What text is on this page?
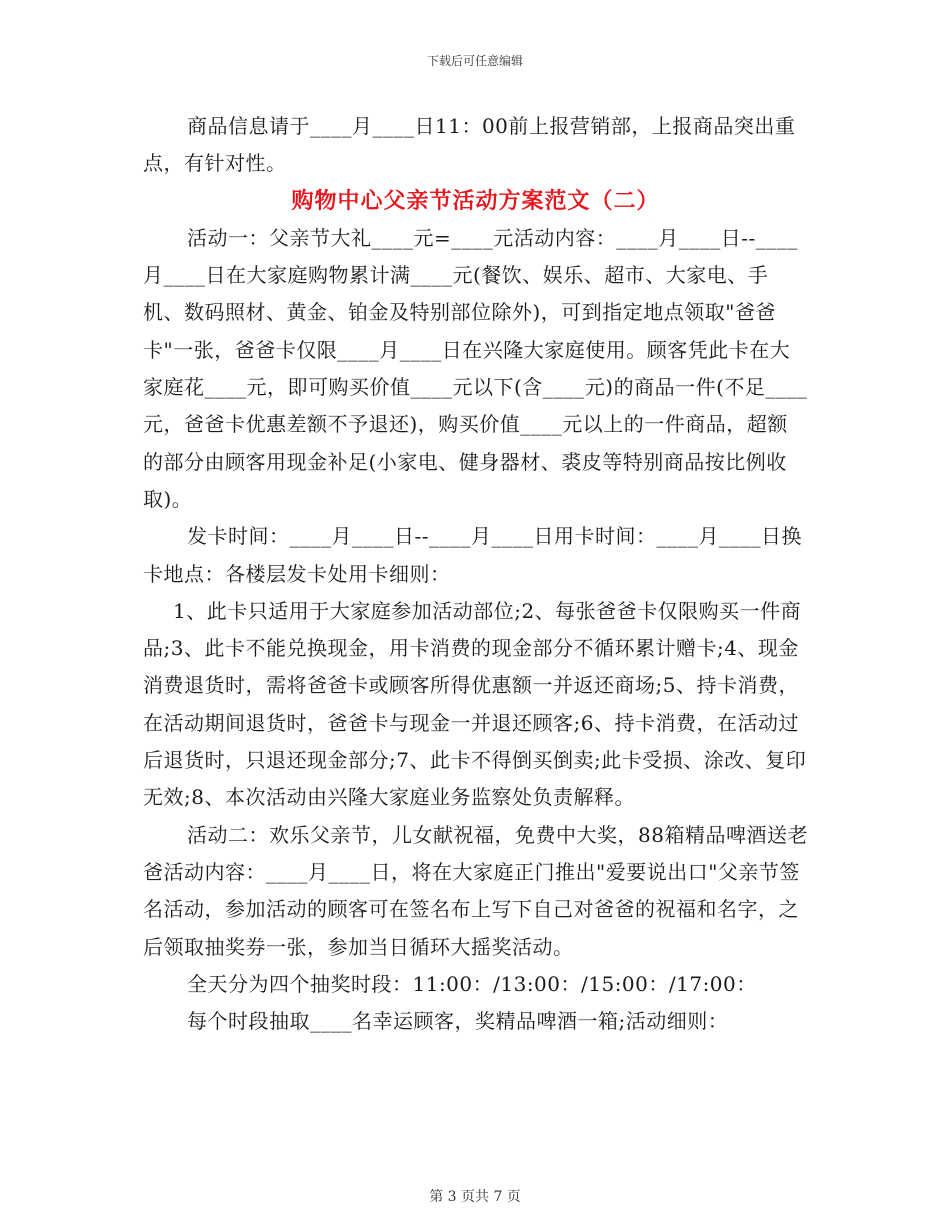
下载后可任意编辑

商品信息请于____月____日11：00前上报营销部，上报商品突出重点，有针对性。

购物中心父亲节活动方案范文（二）

活动一：父亲节大礼____元=____元活动内容：____月____日--____月____日在大家庭购物累计满____元(餐饮、娱乐、超市、大家电、手机、数码照材、黄金、铂金及特别部位除外)，可到指定地点领取"爸爸卡"一张，爸爸卡仅限____月____日在兴隆大家庭使用。顾客凭此卡在大家庭花____元，即可购买价值____元以下(含____元)的商品一件(不足____元，爸爸卡优惠差额不予退还)，购买价值____元以上的一件商品，超额的部分由顾客用现金补足(小家电、健身器材、裘皮等特别商品按比例收取)。

发卡时间：____月____日--____月____日用卡时间：____月____日换卡地点：各楼层发卡处用卡细则：

1、此卡只适用于大家庭参加活动部位;2、每张爸爸卡仅限购买一件商品;3、此卡不能兑换现金，用卡消费的现金部分不循环累计赠卡;4、现金消费退货时，需将爸爸卡或顾客所得优惠额一并返还商场;5、持卡消费，在活动期间退货时，爸爸卡与现金一并退还顾客;6、持卡消费，在活动过后退货时，只退还现金部分;7、此卡不得倒买倒卖;此卡受损、涂改、复印无效;8、本次活动由兴隆大家庭业务监察处负责解释。

活动二：欢乐父亲节，儿女献祝福，免费中大奖，88箱精品啤酒送老爸活动内容：____月____日，将在大家庭正门推出"爱要说出口"父亲节签名活动，参加活动的顾客可在签名布上写下自己对爸爸的祝福和名字，之后领取抽奖券一张，参加当日循环大摇奖活动。

全天分为四个抽奖时段：11:00：/13:00：/15:00：/17:00：

每个时段抽取____名幸运顾客，奖精品啤酒一箱;活动细则：

第 3 页共 7 页
